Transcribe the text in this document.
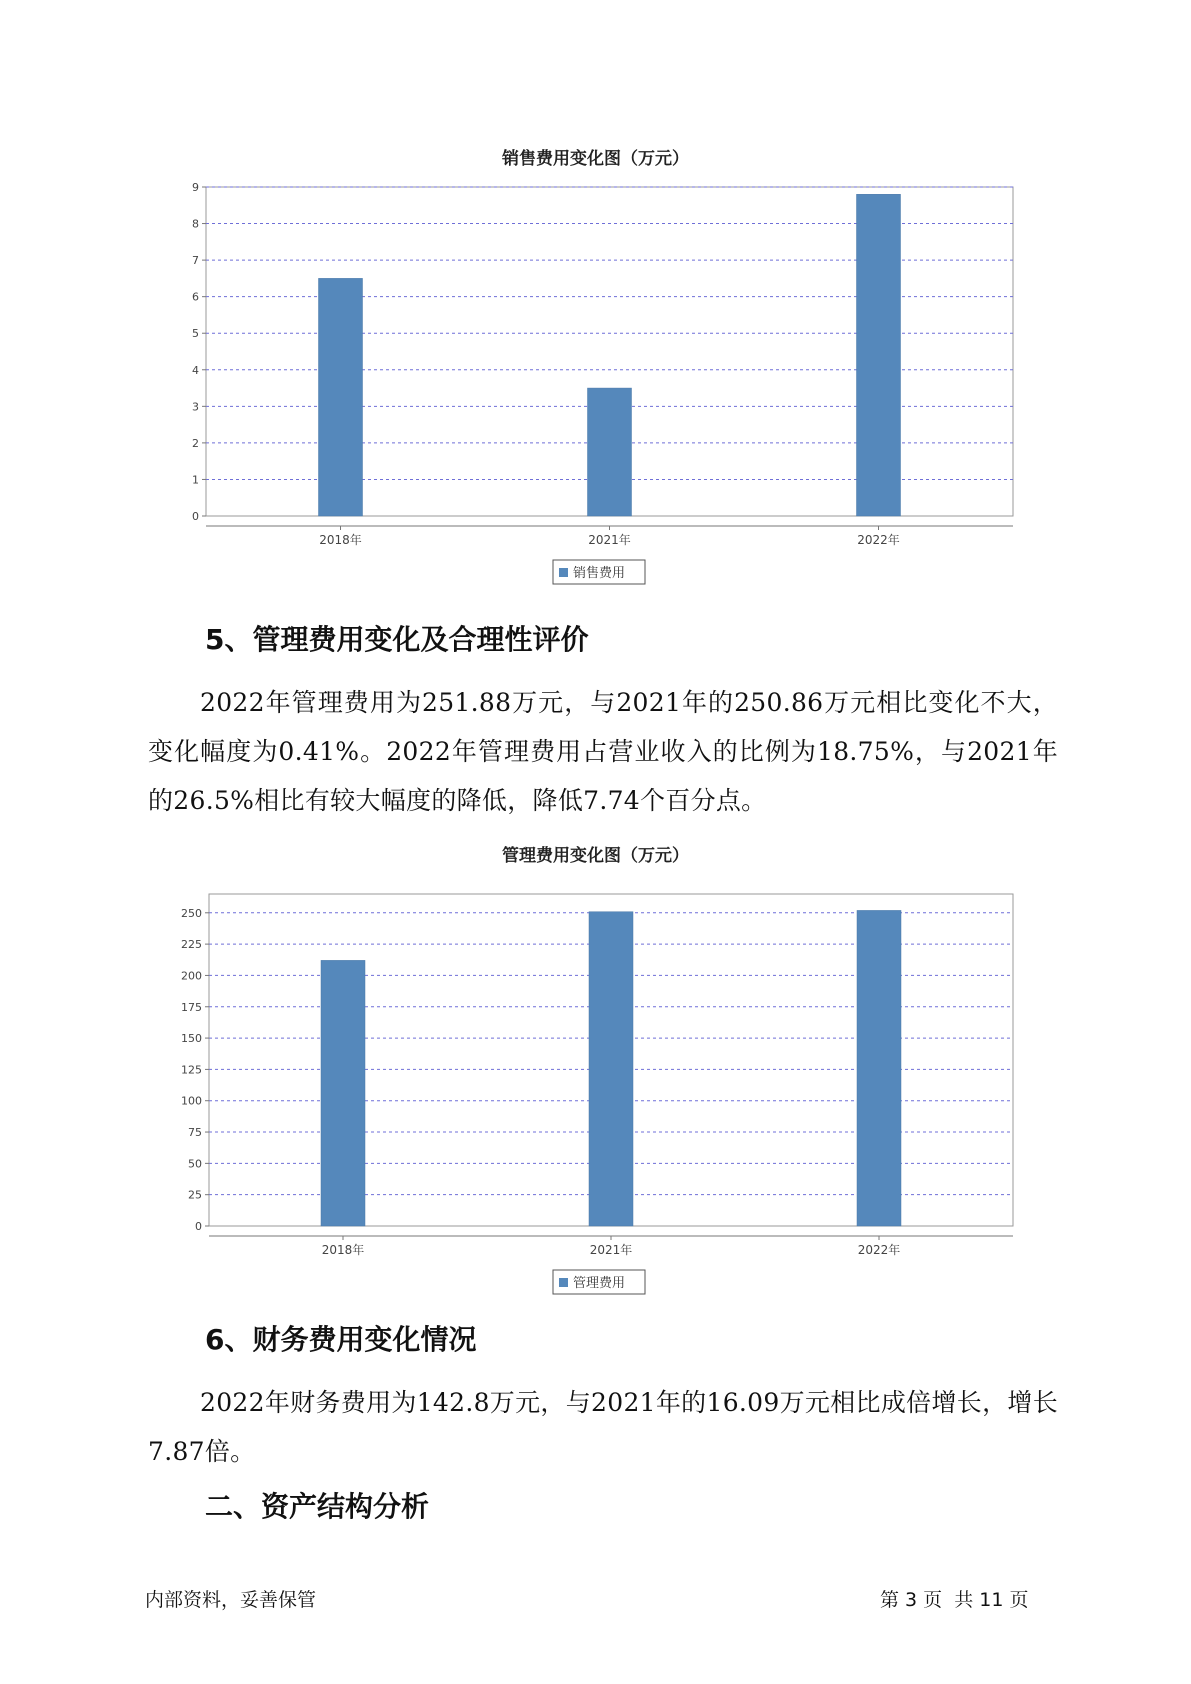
销售费用变化图（万元）
0
1
2
3
4
5
6
7
8
9
2018年	2021年	2022年
销售费用
5、管理费用变化及合理性评价
2022年管理费用为251.88万元，与2021年的250.86万元相比变化不大，变化幅度为0.41%。2022年管理费用占营业收入的比例为18.75%，与2021年的26.5%相比有较大幅度的降低，降低7.74个百分点。
管理费用变化图（万元）
0
25
50
75
100
125
150
175
200
225
250
2018年	2021年	2022年
管理费用
6、财务费用变化情况
2022年财务费用为142.8万元，与2021年的16.09万元相比成倍增长，增长7.87倍。
二、资产结构分析
内部资料，妥善保管	第 3 页  共 11 页
